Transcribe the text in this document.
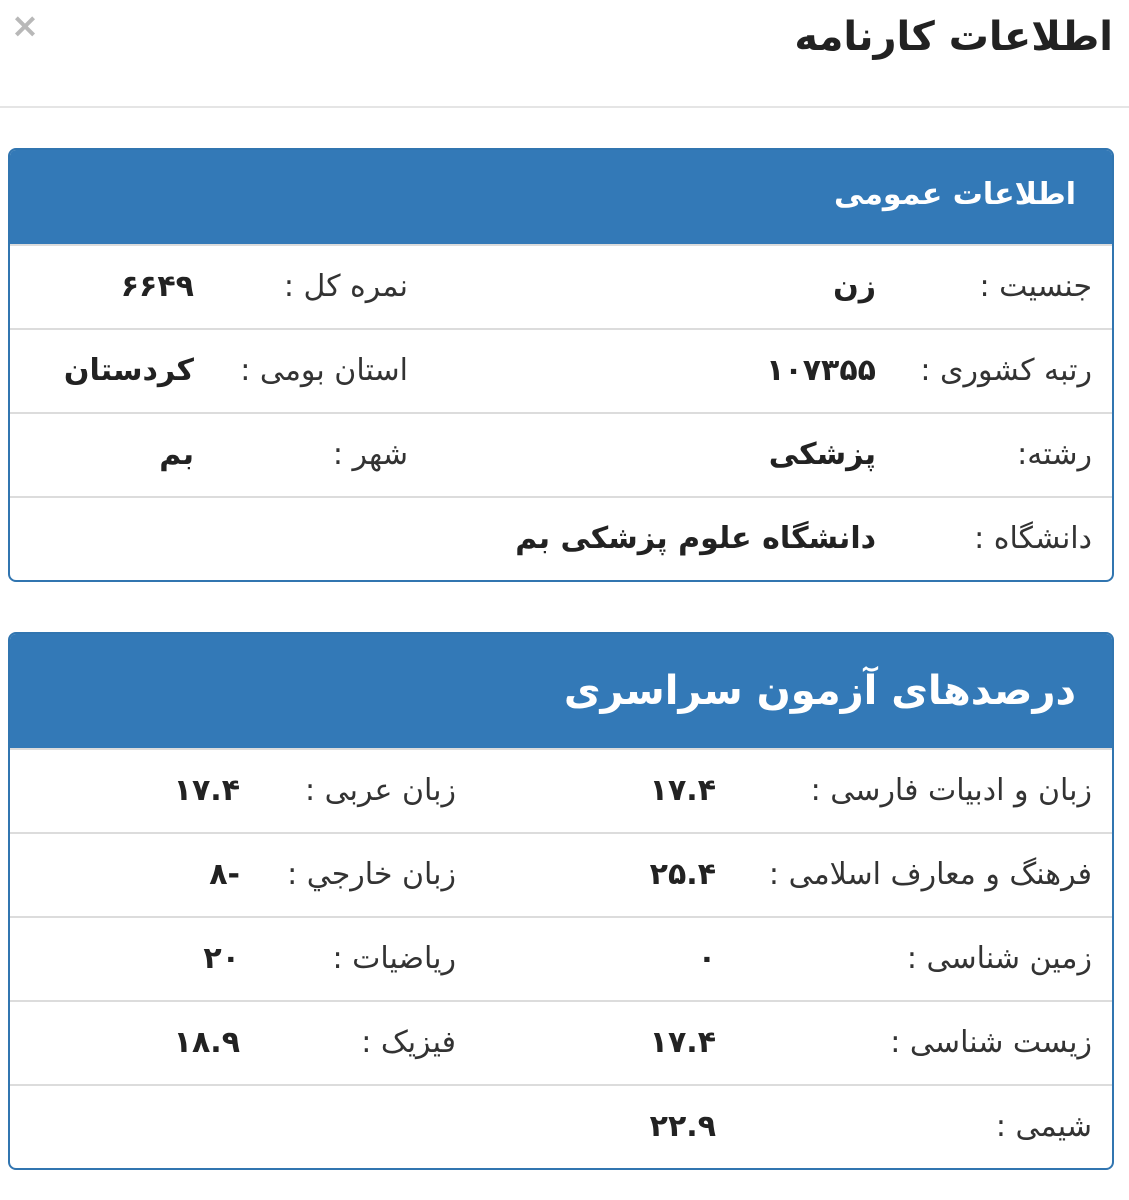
×	اطلاعات کارنامه
اطلاعات عمومی
جنسیت :
زن
نمره کل :
۶۶۴۹
رتبه کشوری :
۱۰۷۳۵۵
استان بومی :
کردستان
رشته:
پزشکی
شهر :
بم
دانشگاه :
دانشگاه علوم پزشکی بم
درصدهای آزمون سراسری
زبان و ادبیات فارسی :
۱۷.۴
زبان عربی :
۱۷.۴
فرهنگ و معارف اسلامی :
۲۵.۴
زبان خارجي :
-۸
زمین شناسی :
۰
رياضيات :
۲۰
زیست شناسی :
۱۷.۴
فیزیک :
۱۸.۹
شیمی :
۲۲.۹
